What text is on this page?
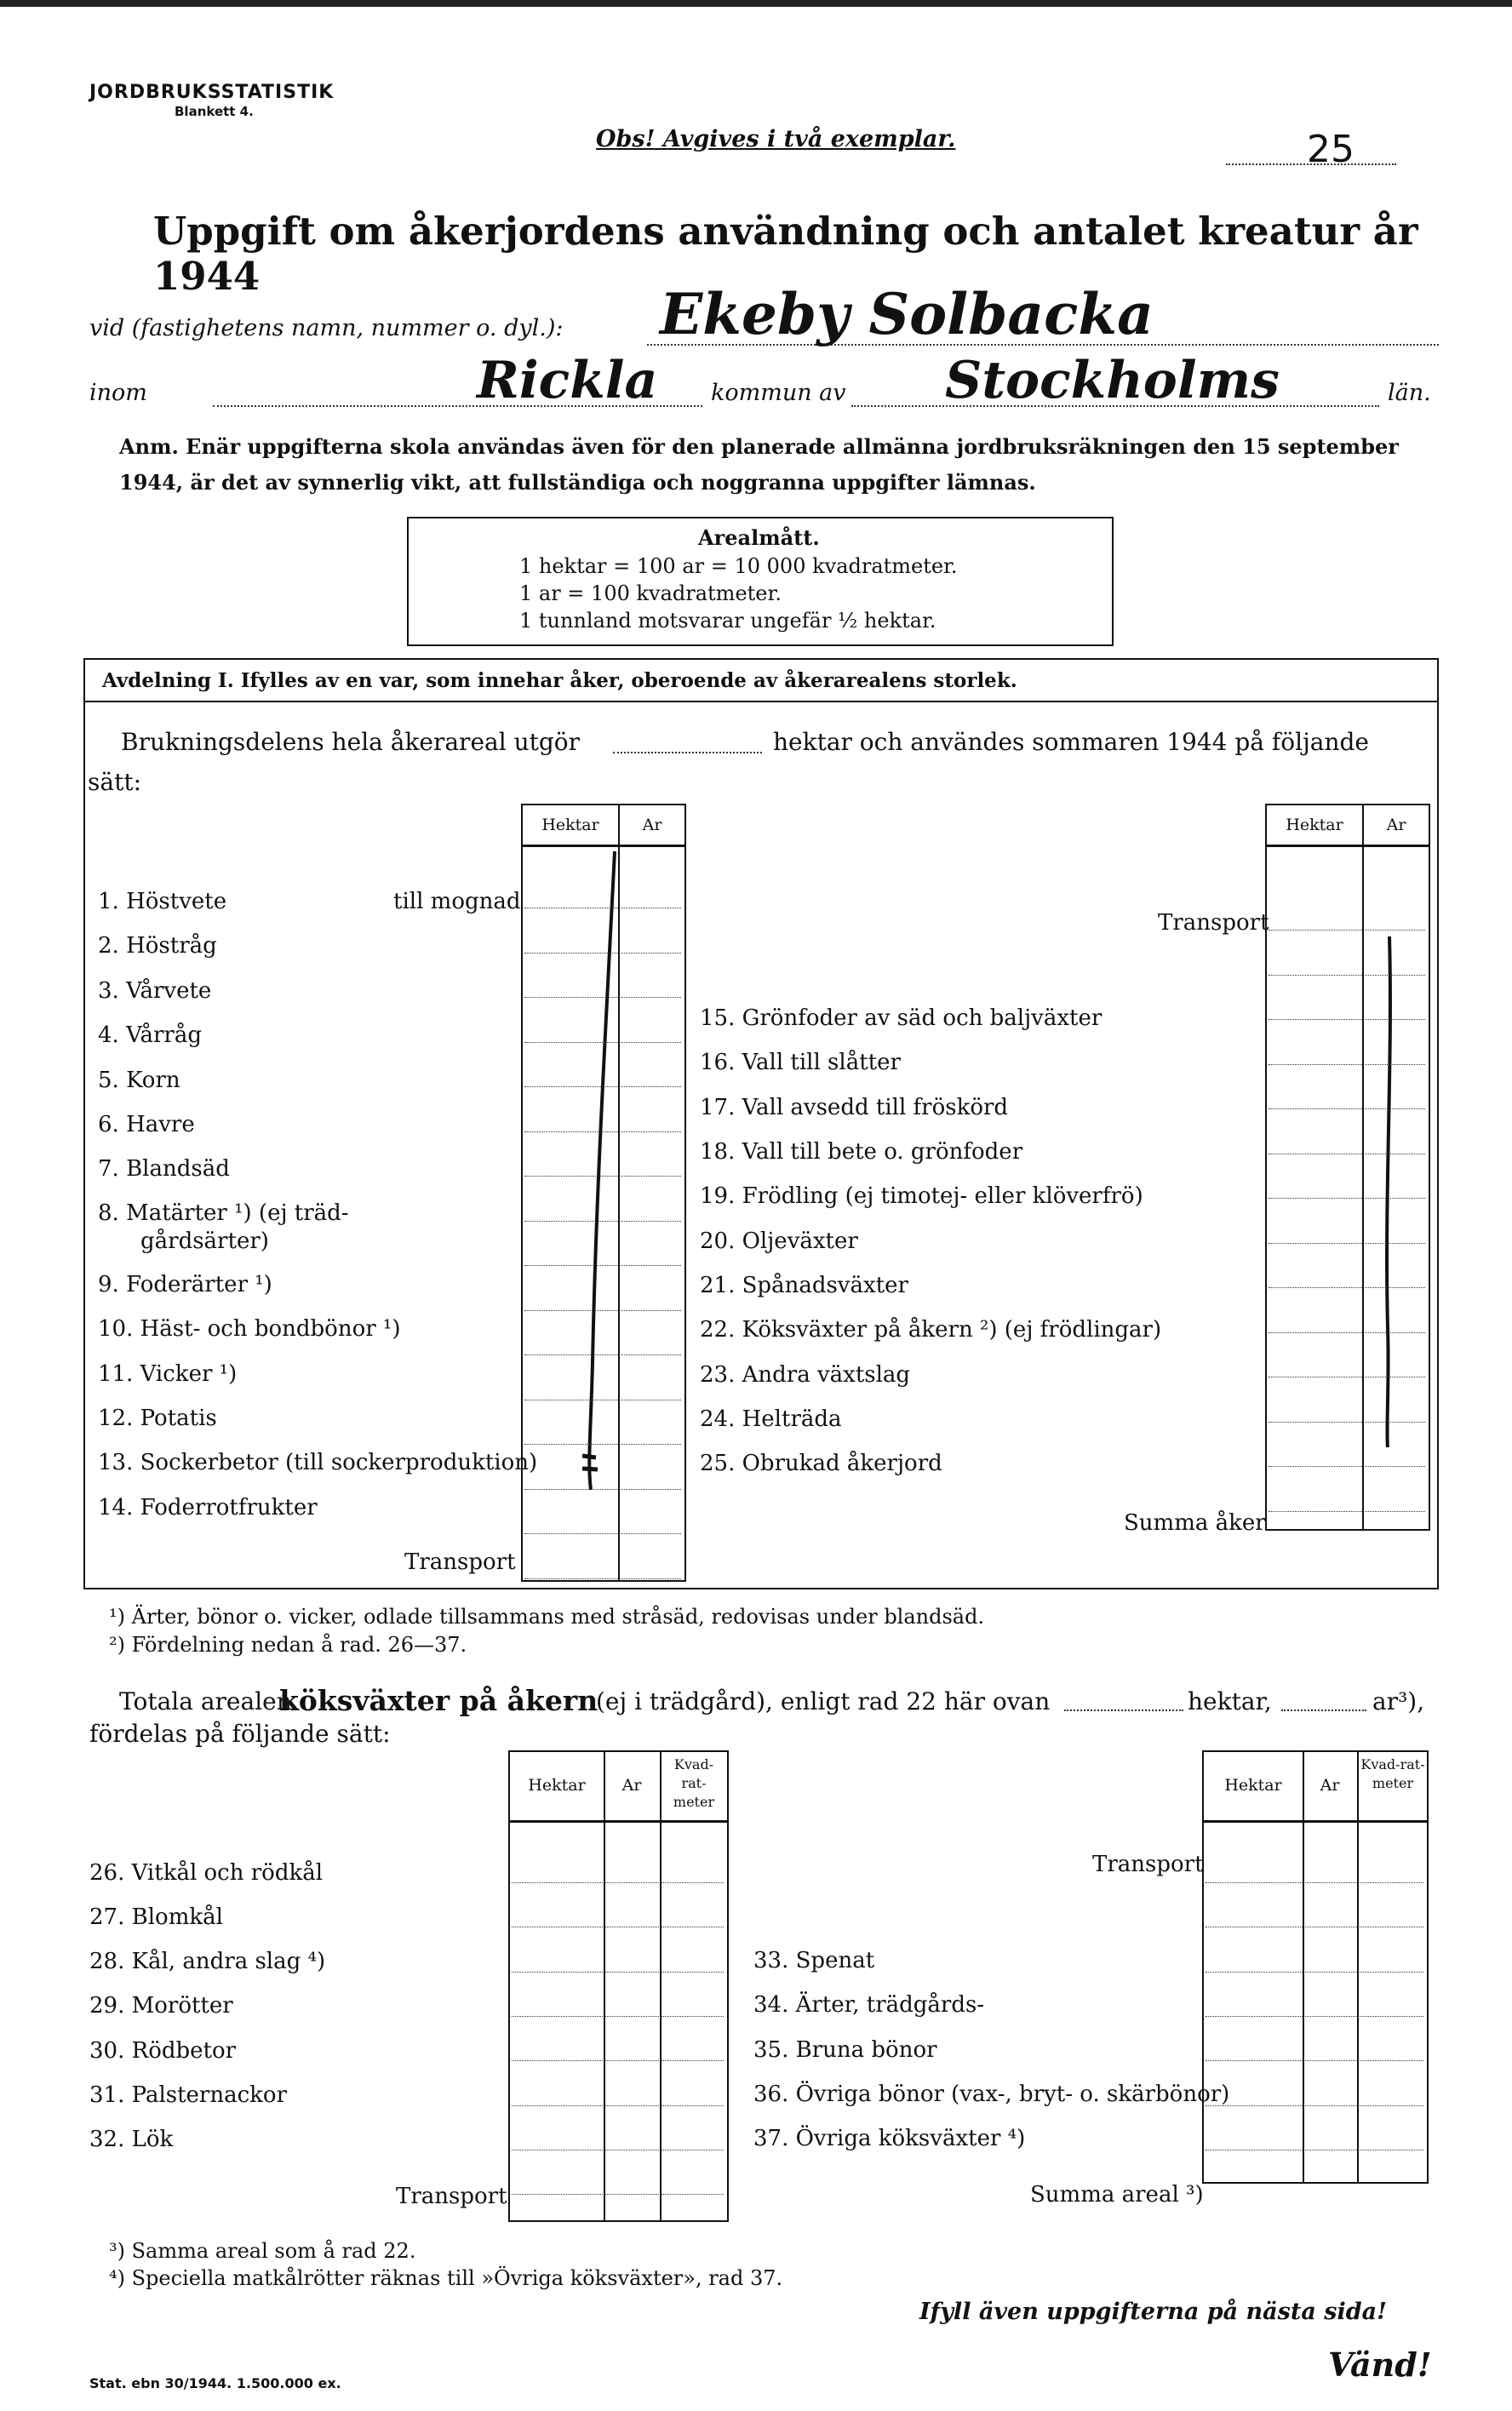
JORDBRUKSSTATISTIK
Blankett 4.
Obs! Avgives i två exemplar.	25
Uppgift om åkerjordens användning och antalet kreatur år 1944
vid (fastighetens namn, nummer o. dyl.): Ekeby Solbacka
inom	Rickla kommun av Stockholms	län.
Anm. Enär uppgifterna skola användas även för den planerade allmänna jordbruksräkningen den 15 september 1944, är det av synnerlig vikt, att fullständiga och noggranna uppgifter lämnas.
Arealmått.
1 hektar = 100 ar = 10 000 kvadratmeter.
1 ar = 100 kvadratmeter.
1 tunnland motsvarar ungefär ½ hektar.
Avdelning I. Ifylles av en var, som innehar åker, oberoende av åkerarealens storlek.
Brukningsdelens hela åkerareal utgör	hektar och användes sommaren 1944 på följande
sätt:
Hektar	Ar	Hektar	Ar
1. Höstvete	till mognad
2. Höstråg
3. Vårvete
4. Vårråg
5. Korn
6. Havre
7. Blandsäd
8. Matärter ¹) (ej träd-
gårdsärter)
9. Foderärter ¹)
10. Häst- och bondbönor ¹)
11. Vicker ¹)
12. Potatis
13. Sockerbetor (till sockerproduktion)
14. Foderrotfrukter
Transport
Transport
15. Grönfoder av säd och baljväxter
16. Vall till slåtter
17. Vall avsedd till fröskörd
18. Vall till bete o. grönfoder
19. Frödling (ej timotej- eller klöverfrö)
20. Oljeväxter
21. Spånadsväxter
22. Köksväxter på åkern ²) (ej frödlingar)
23. Andra växtslag
24. Helträda
25. Obrukad åkerjord
Summa åker
¹) Ärter, bönor o. vicker, odlade tillsammans med stråsäd, redovisas under blandsäd.
²) Fördelning nedan å rad. 26—37.
Totala arealen
köksväxter på åkern
(ej i trädgård), enligt rad 22 här ovan	hektar,	ar³),
fördelas på följande sätt:
Hektar	Ar
Kvad-rat-meter
Hektar	Ar
Kvad-rat-meter
26. Vitkål och rödkål
27. Blomkål
28. Kål, andra slag ⁴)
29. Morötter
30. Rödbetor
31. Palsternackor
32. Lök
Transport
Transport
33. Spenat
34. Ärter, trädgårds-
35. Bruna bönor
36. Övriga bönor (vax-, bryt- o. skärbönor)
37. Övriga köksväxter ⁴)
Summa areal ³)
³) Samma areal som å rad 22.
⁴) Speciella matkålrötter räknas till »Övriga köksväxter», rad 37.
Ifyll även uppgifterna på nästa sida!
Vänd!
Stat. ebn 30/1944. 1.500.000 ex.
